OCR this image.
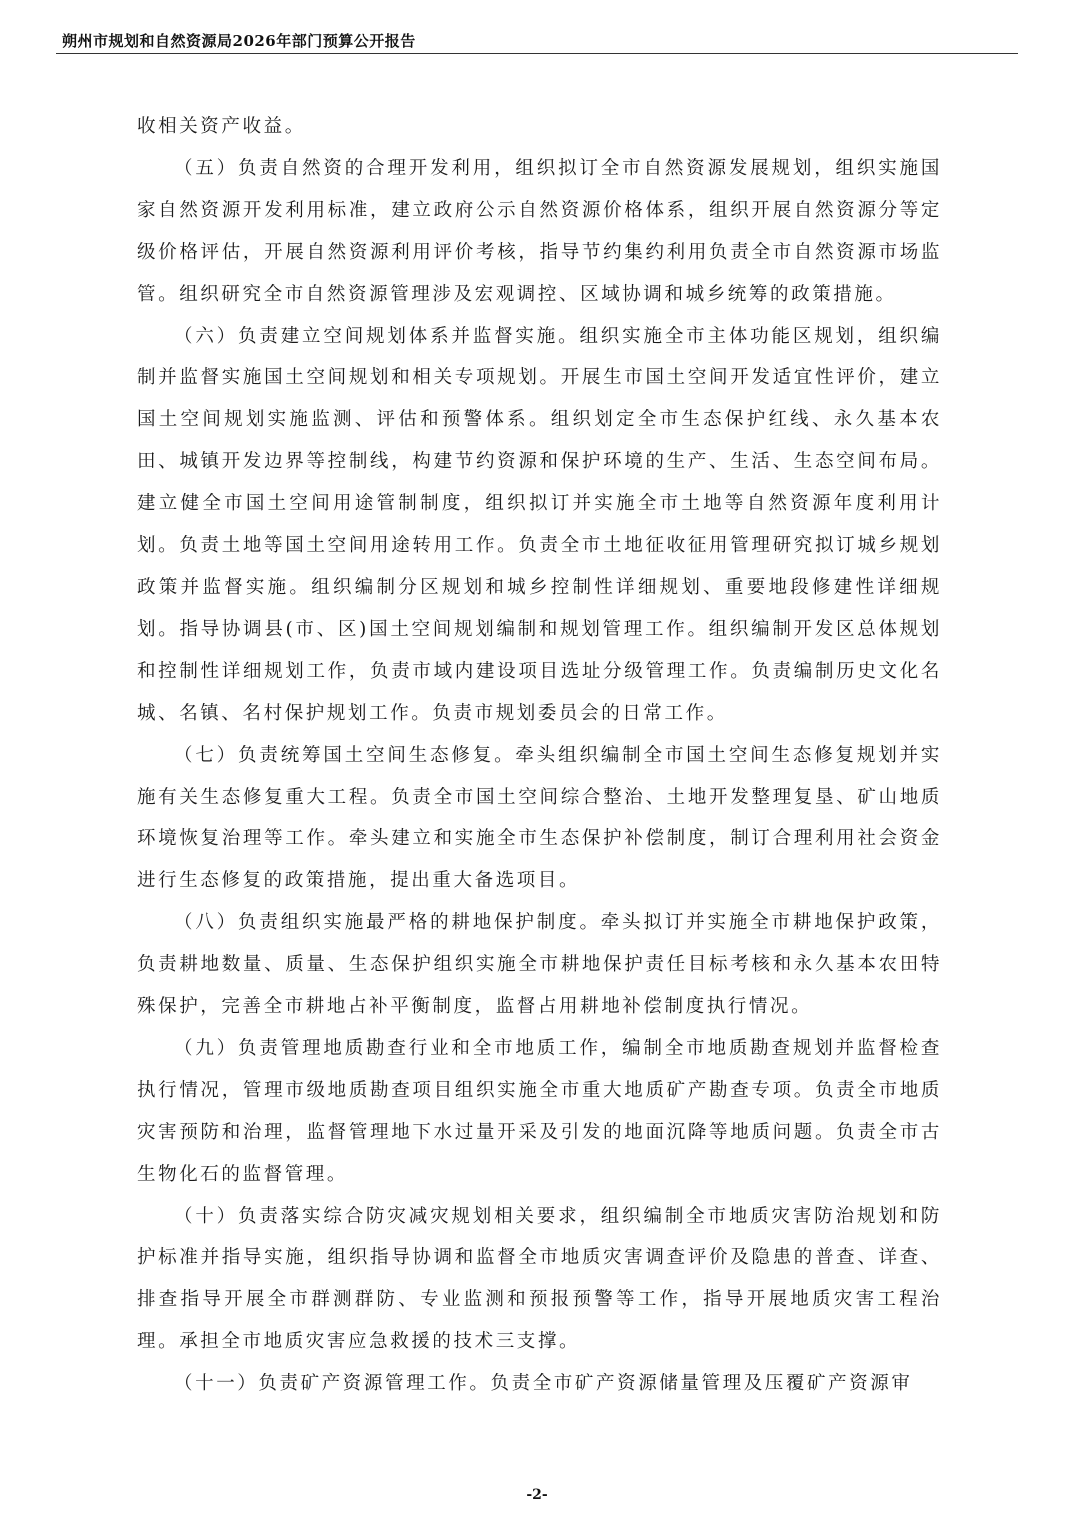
朔州市规划和自然资源局2026年部门预算公开报告

收相关资产收益。

（五）负责自然资的合理开发利用，组织拟订全市自然资源发展规划，组织实施国家自然资源开发利用标准，建立政府公示自然资源价格体系，组织开展自然资源分等定级价格评估，开展自然资源利用评价考核，指导节约集约利用负责全市自然资源市场监管。组织研究全市自然资源管理涉及宏观调控、区域协调和城乡统筹的政策措施。

（六）负责建立空间规划体系并监督实施。组织实施全市主体功能区规划，组织编制并监督实施国土空间规划和相关专项规划。开展生市国土空间开发适宜性评价，建立国土空间规划实施监测、评估和预警体系。组织划定全市生态保护红线、永久基本农田、城镇开发边界等控制线，构建节约资源和保护环境的生产、生活、生态空间布局。建立健全市国土空间用途管制制度，组织拟订并实施全市土地等自然资源年度利用计划。负责土地等国土空间用途转用工作。负责全市土地征收征用管理研究拟订城乡规划政策并监督实施。组织编制分区规划和城乡控制性详细规划、重要地段修建性详细规划。指导协调县(市、区)国土空间规划编制和规划管理工作。组织编制开发区总体规划和控制性详细规划工作，负责市域内建设项目选址分级管理工作。负责编制历史文化名城、名镇、名村保护规划工作。负责市规划委员会的日常工作。

（七）负责统筹国土空间生态修复。牵头组织编制全市国土空间生态修复规划并实施有关生态修复重大工程。负责全市国土空间综合整治、土地开发整理复垦、矿山地质环境恢复治理等工作。牵头建立和实施全市生态保护补偿制度，制订合理利用社会资金进行生态修复的政策措施，提出重大备选项目。

（八）负责组织实施最严格的耕地保护制度。牵头拟订并实施全市耕地保护政策，负责耕地数量、质量、生态保护组织实施全市耕地保护责任目标考核和永久基本农田特殊保护，完善全市耕地占补平衡制度，监督占用耕地补偿制度执行情况。

（九）负责管理地质勘查行业和全市地质工作，编制全市地质勘查规划并监督检查执行情况，管理市级地质勘查项目组织实施全市重大地质矿产勘查专项。负责全市地质灾害预防和治理，监督管理地下水过量开采及引发的地面沉降等地质问题。负责全市古生物化石的监督管理。

（十）负责落实综合防灾减灾规划相关要求，组织编制全市地质灾害防治规划和防护标准并指导实施，组织指导协调和监督全市地质灾害调查评价及隐患的普查、详查、排查指导开展全市群测群防、专业监测和预报预警等工作，指导开展地质灾害工程治理。承担全市地质灾害应急救援的技术三支撑。

（十一）负责矿产资源管理工作。负责全市矿产资源储量管理及压覆矿产资源审

-2-
